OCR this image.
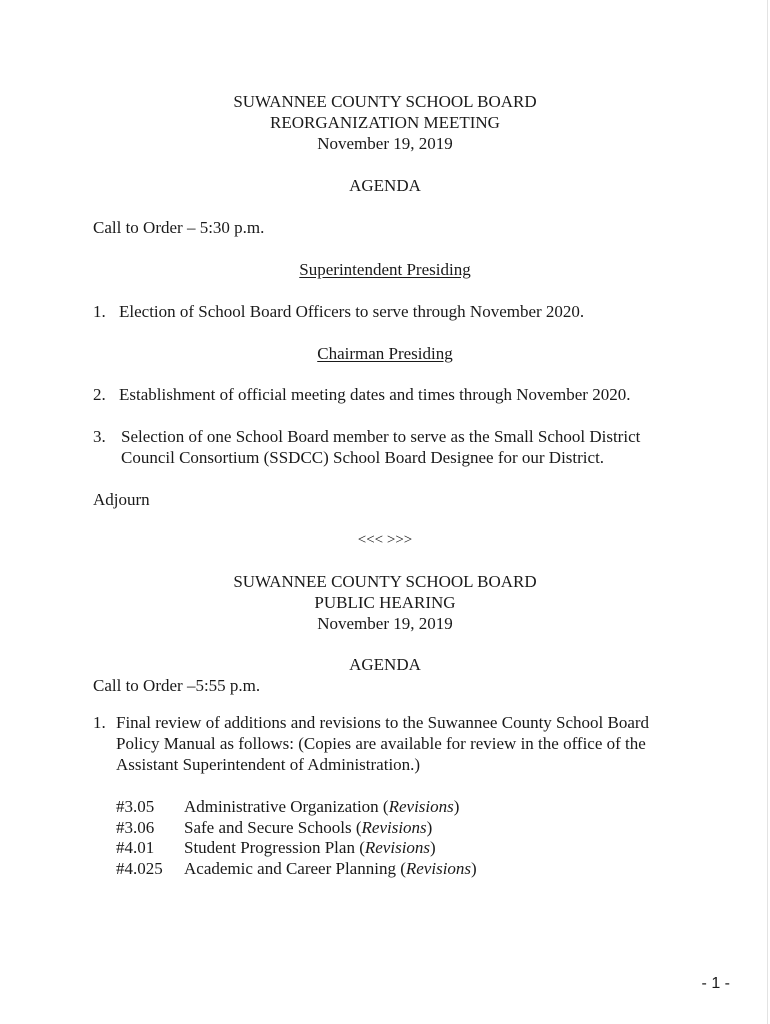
SUWANNEE COUNTY SCHOOL BOARD
REORGANIZATION MEETING
November 19, 2019
AGENDA
Call to Order – 5:30 p.m.
Superintendent Presiding
1. Election of School Board Officers to serve through November 2020.
Chairman Presiding
2. Establishment of official meeting dates and times through November 2020.
3. Selection of one School Board member to serve as the Small School District
Council Consortium (SSDCC) School Board Designee for our District.
Adjourn
<<< >>>
SUWANNEE COUNTY SCHOOL BOARD
PUBLIC HEARING
November 19, 2019
AGENDA
Call to Order –5:55 p.m.
1. Final review of additions and revisions to the Suwannee County School Board
Policy Manual as follows: (Copies are available for review in the office of the
Assistant Superintendent of Administration.)
#3.05 Administrative Organization (Revisions)
#3.06 Safe and Secure Schools (Revisions)
#4.01 Student Progression Plan (Revisions)
#4.025 Academic and Career Planning (Revisions)
- 1 -
